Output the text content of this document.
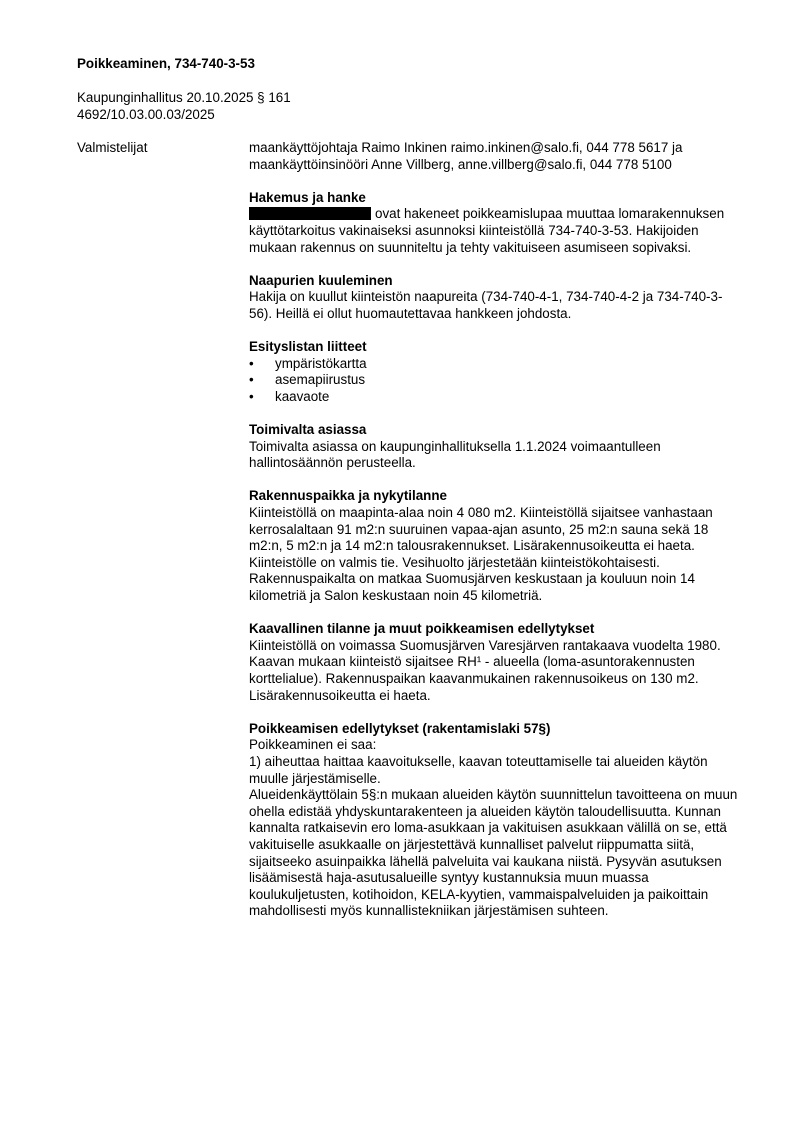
Poikkeaminen, 734-740-3-53
Kaupunginhallitus 20.10.2025 § 161
4692/10.03.00.03/2025
Valmistelijat	maankäyttöjohtaja Raimo Inkinen raimo.inkinen@salo.fi, 044 778 5617 ja

maankäyttöinsinööri Anne Villberg, anne.villberg@salo.fi, 044 778 5100

Hakemus ja hanke

ovat hakeneet poikkeamislupaa muuttaa lomarakennuksen käyttötarkoitus vakinaiseksi asunnoksi kiinteistöllä 734-740-3-53. Hakijoiden mukaan rakennus on suunniteltu ja tehty vakituiseen asumiseen sopivaksi.

Naapurien kuuleminen

Hakija on kuullut kiinteistön naapureita (734-740-4-1, 734-740-4-2 ja 734-740-3-56). Heillä ei ollut huomautettavaa hankkeen johdosta.

Esityslistan liitteet
• ympäristökartta
• asemapiirustus
• kaavaote
Toimivalta asiassa

Toimivalta asiassa on kaupunginhallituksella 1.1.2024 voimaantulleen hallintosäännön perusteella.

Rakennuspaikka ja nykytilanne

Kiinteistöllä on maapinta-alaa noin 4 080 m2. Kiinteistöllä sijaitsee vanhastaan kerrosalaltaan 91 m2:n suuruinen vapaa-ajan asunto, 25 m2:n sauna sekä 18 m2:n, 5 m2:n ja 14 m2:n talousrakennukset. Lisärakennusoikeutta ei haeta.

Kiinteistölle on valmis tie. Vesihuolto järjestetään kiinteistökohtaisesti. Rakennuspaikalta on matkaa Suomusjärven keskustaan ja kouluun noin 14 kilometriä ja Salon keskustaan noin 45 kilometriä.

Kaavallinen tilanne ja muut poikkeamisen edellytykset

Kiinteistöllä on voimassa Suomusjärven Varesjärven rantakaava vuodelta 1980. Kaavan mukaan kiinteistö sijaitsee RH¹ - alueella (loma-asuntorakennusten korttelialue). Rakennuspaikan kaavanmukainen rakennusoikeus on 130 m2. Lisärakennusoikeutta ei haeta.

Poikkeamisen edellytykset (rakentamislaki 57§)

Poikkeaminen ei saa:

1) aiheuttaa haittaa kaavoitukselle, kaavan toteuttamiselle tai alueiden käytön muulle järjestämiselle.

Alueidenkäyttölain 5§:n mukaan alueiden käytön suunnittelun tavoitteena on muun ohella edistää yhdyskuntarakenteen ja alueiden käytön taloudellisuutta. Kunnan kannalta ratkaisevin ero loma-asukkaan ja vakituisen asukkaan välillä on se, että vakituiselle asukkaalle on järjestettävä kunnalliset palvelut riippumatta siitä, sijaitseeko asuinpaikka lähellä palveluita vai kaukana niistä. Pysyvän asutuksen lisäämisestä haja-asutusalueille syntyy kustannuksia muun muassa koulukuljetusten, kotihoidon, KELA-kyytien, vammaispalveluiden ja paikoittain mahdollisesti myös kunnallistekniikan järjestämisen suhteen.
